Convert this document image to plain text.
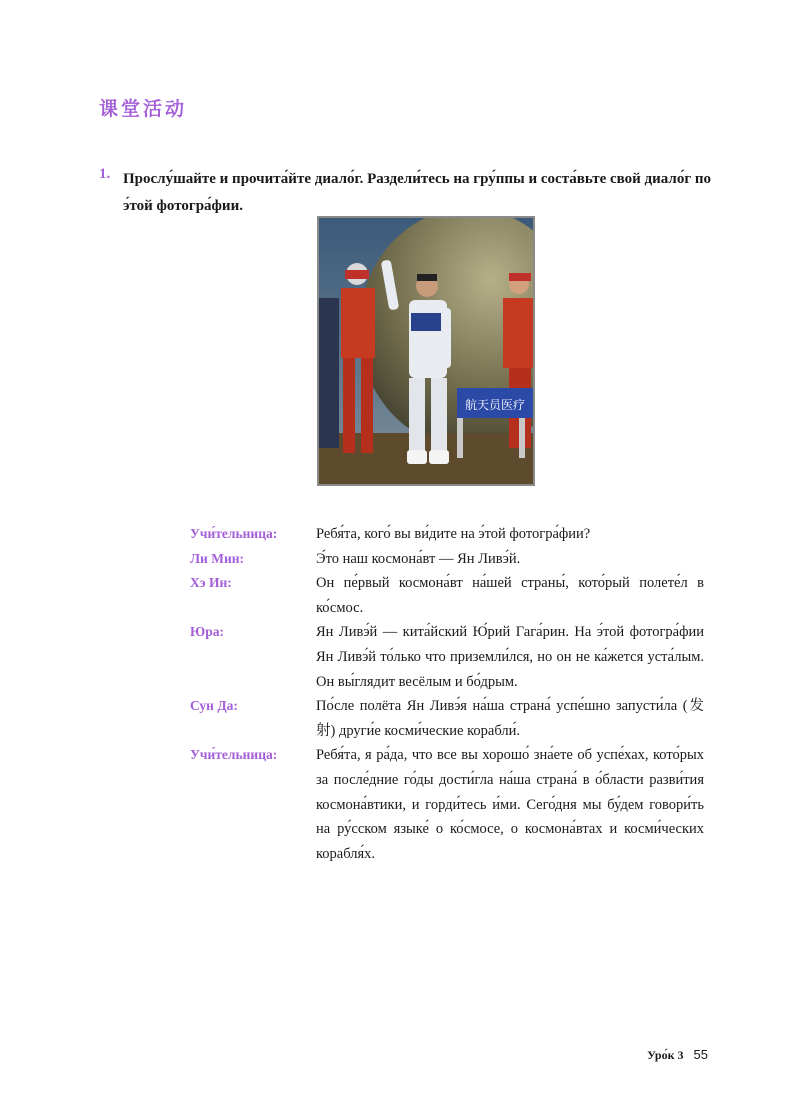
课堂活动
1. Прослу́шайте и прочита́йте диало́г. Раздели́тесь на гру́ппы и соста́вьте свой диало́г по э́той фотогра́фии.
航天员医疗
Учи́тельница:	Ребя́та, кого́ вы ви́дите на э́той фотогра́фии?
Ли Мин:	Э́то наш космона́вт — Ян Ливэ́й.
Хэ Ин:	Он пе́рвый космона́вт на́шей страны́, кото́рый полете́л в ко́смос.
Юра:	Ян Ливэ́й — кита́йский Ю́рий Гага́рин. На э́той фотогра́фии Ян Ливэ́й то́лько что приземли́лся, но он не ка́жется уста́лым. Он вы́глядит весёлым и бо́дрым.
Сун Да:	По́сле полёта Ян Ливэ́я на́ша страна́ успе́шно запусти́ла (发射) други́е косми́ческие корабли́.
Учи́тельница:	Ребя́та, я ра́да, что все вы хорошо́ зна́ете об успе́хах, кото́рых за после́дние го́ды дости́гла на́ша страна́ в о́бласти разви́тия космона́втики, и горди́тесь и́ми. Сего́дня мы бу́дем говори́ть на ру́сском языке́ о ко́смосе, о космона́втах и косми́ческих корабля́х.
Уро́к 3 55
